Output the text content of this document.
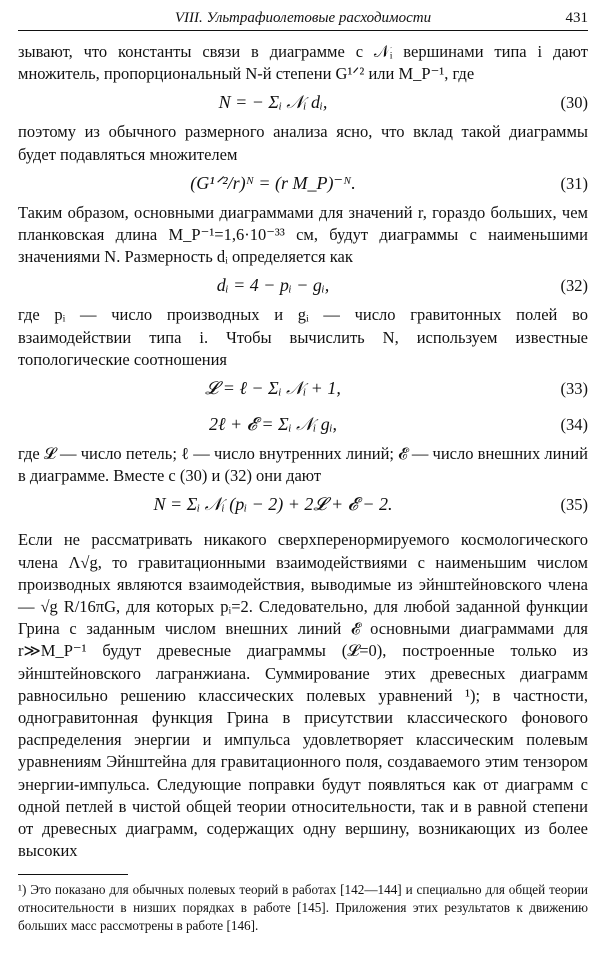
VIII. Ультрафиолетовые расходимости	431

зывают, что константы связи в диаграмме с 𝒩ᵢ вершинами типа i дают множитель, пропорциональный N-й степени G¹ᐟ² или M_P⁻¹, где

N = − Σᵢ 𝒩ᵢ dᵢ,	(30)

поэтому из обычного размерного анализа ясно, что вклад такой диаграммы будет подавляться множителем

(G¹ᐟ²/r)ᴺ = (r M_P)⁻ᴺ.	(31)

Таким образом, основными диаграммами для значений r, гораздо больших, чем планковская длина M_P⁻¹=1,6·10⁻³³ см, будут диаграммы с наименьшими значениями N. Размерность dᵢ определяется как

dᵢ = 4 − pᵢ − gᵢ,	(32)

где pᵢ — число производных и gᵢ — число гравитонных полей во взаимодействии типа i. Чтобы вычислить N, используем известные топологические соотношения

𝓛 = ℓ − Σᵢ 𝒩ᵢ + 1,	(33)
2ℓ + 𝓔 = Σᵢ 𝒩ᵢ gᵢ,	(34)

где 𝓛 — число петель; ℓ — число внутренних линий; 𝓔 — число внешних линий в диаграмме. Вместе с (30) и (32) они дают

N = Σᵢ 𝒩ᵢ (pᵢ − 2) + 2𝓛 + 𝓔 − 2.	(35)

Если не рассматривать никакого сверхперенормируемого космологического члена Λ√g, то гравитационными взаимодействиями с наименьшим числом производных являются взаимодействия, выводимые из эйнштейновского члена — √g R/16πG, для которых pᵢ=2. Следовательно, для любой заданной функции Грина с заданным числом внешних линий 𝓔 основными диаграммами для r≫M_P⁻¹ будут древесные диаграммы (𝓛=0), построенные только из эйнштейновского лагранжиана. Суммирование этих древесных диаграмм равносильно решению классических полевых уравнений ¹); в частности, одногравитонная функция Грина в присутствии классического фонового распределения энергии и импульса удовлетворяет классическим полевым уравнениям Эйнштейна для гравитационного поля, создаваемого этим тензором энергии-импульса. Следующие поправки будут появляться как от диаграмм с одной петлей в чистой общей теории относительности, так и в равной степени от древесных диаграмм, содержащих одну вершину, возникающих из более высоких

¹) Это показано для обычных полевых теорий в работах [142—144] и специально для общей теории относительности в низших порядках в работе [145]. Приложения этих результатов к движению больших масс рассмотрены в работе [146].
